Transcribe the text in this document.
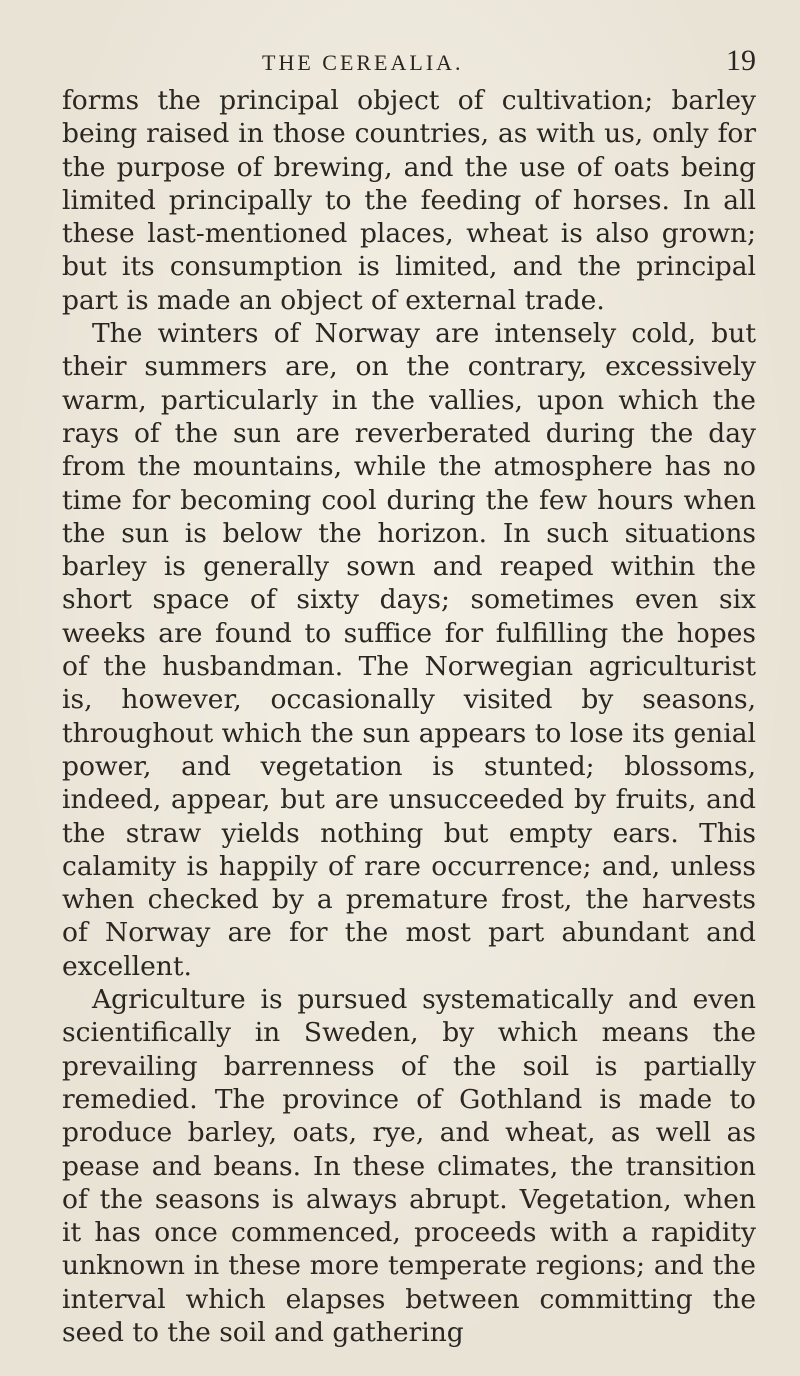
THE CEREALIA.	19

forms the principal object of cultivation; barley being raised in those countries, as with us, only for the purpose of brewing, and the use of oats being limited principally to the feeding of horses. In all these last-mentioned places, wheat is also grown; but its consumption is limited, and the principal part is made an object of external trade.

The winters of Norway are intensely cold, but their summers are, on the contrary, excessively warm, particularly in the vallies, upon which the rays of the sun are reverberated during the day from the mountains, while the atmosphere has no time for becoming cool during the few hours when the sun is below the horizon. In such situations barley is generally sown and reaped within the short space of sixty days; sometimes even six weeks are found to suffice for fulfilling the hopes of the husbandman. The Norwegian agriculturist is, however, occasionally visited by seasons, throughout which the sun appears to lose its genial power, and vegetation is stunted; blossoms, indeed, appear, but are unsucceeded by fruits, and the straw yields nothing but empty ears. This calamity is happily of rare occurrence; and, unless when checked by a premature frost, the harvests of Norway are for the most part abundant and excellent.

Agriculture is pursued systematically and even scientifically in Sweden, by which means the prevailing barrenness of the soil is partially remedied. The province of Gothland is made to produce barley, oats, rye, and wheat, as well as pease and beans. In these climates, the transition of the seasons is always abrupt. Vegetation, when it has once commenced, proceeds with a rapidity unknown in these more temperate regions; and the interval which elapses between committing the seed to the soil and gathering
